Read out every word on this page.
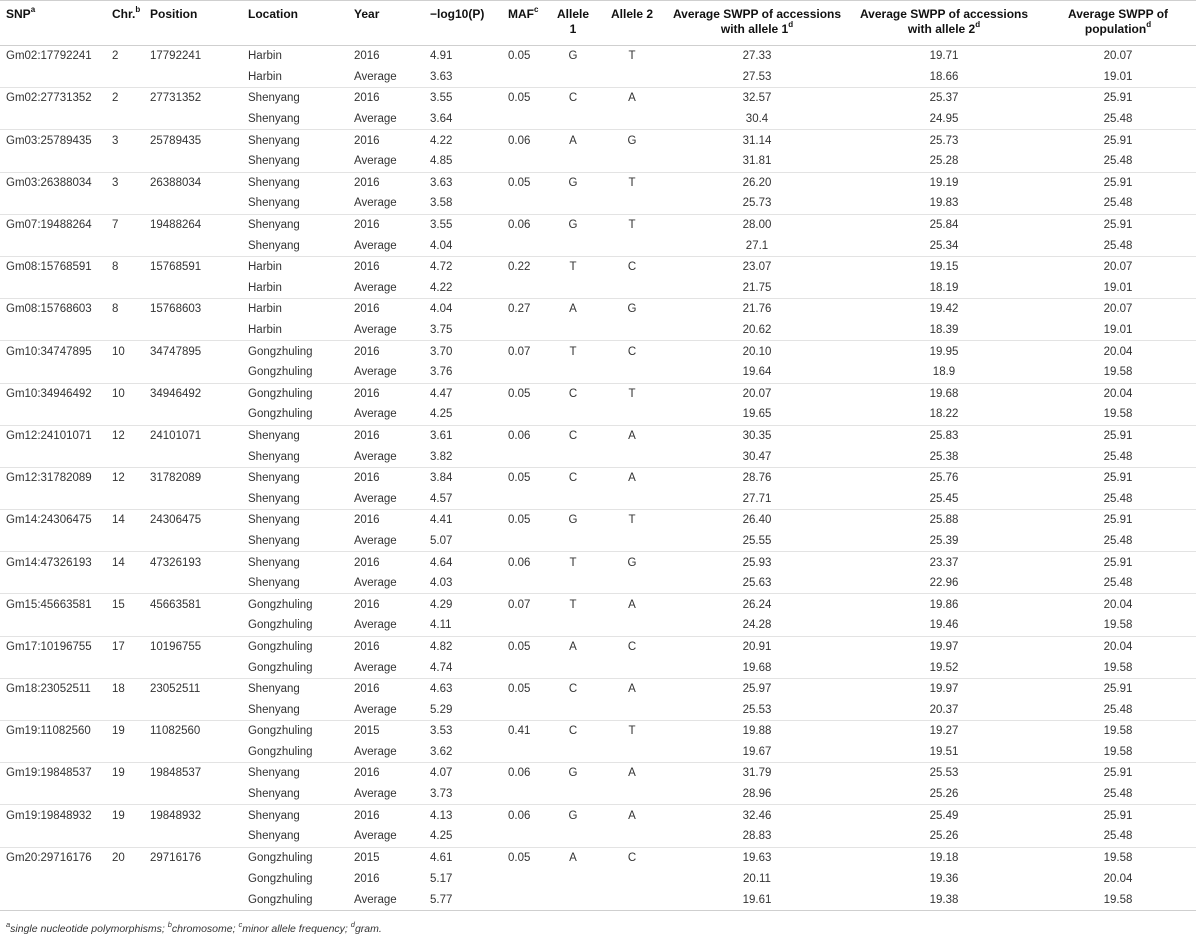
SNP$^a$	Chr.$^b$	Position	Location	Year	−log10(P)	MAF$^c$	Allele 1	Allele 2	Average SWPP of accessions with allele 1$^d$	Average SWPP of accessions with allele 2$^d$	Average SWPP of population$^d$
Gm02:17792241	2	17792241	Harbin	2016	4.91	0.05	G	T	27.33	19.71	20.07
			Harbin	Average	3.63				27.53	18.66	19.01
Gm02:27731352	2	27731352	Shenyang	2016	3.55	0.05	C	A	32.57	25.37	25.91
			Shenyang	Average	3.64				30.4	24.95	25.48
Gm03:25789435	3	25789435	Shenyang	2016	4.22	0.06	A	G	31.14	25.73	25.91
			Shenyang	Average	4.85				31.81	25.28	25.48
Gm03:26388034	3	26388034	Shenyang	2016	3.63	0.05	G	T	26.20	19.19	25.91
			Shenyang	Average	3.58				25.73	19.83	25.48
Gm07:19488264	7	19488264	Shenyang	2016	3.55	0.06	G	T	28.00	25.84	25.91
			Shenyang	Average	4.04				27.1	25.34	25.48
Gm08:15768591	8	15768591	Harbin	2016	4.72	0.22	T	C	23.07	19.15	20.07
			Harbin	Average	4.22				21.75	18.19	19.01
Gm08:15768603	8	15768603	Harbin	2016	4.04	0.27	A	G	21.76	19.42	20.07
			Harbin	Average	3.75				20.62	18.39	19.01
Gm10:34747895	10	34747895	Gongzhuling	2016	3.70	0.07	T	C	20.10	19.95	20.04
			Gongzhuling	Average	3.76				19.64	18.9	19.58
Gm10:34946492	10	34946492	Gongzhuling	2016	4.47	0.05	C	T	20.07	19.68	20.04
			Gongzhuling	Average	4.25				19.65	18.22	19.58
Gm12:24101071	12	24101071	Shenyang	2016	3.61	0.06	C	A	30.35	25.83	25.91
			Shenyang	Average	3.82				30.47	25.38	25.48
Gm12:31782089	12	31782089	Shenyang	2016	3.84	0.05	C	A	28.76	25.76	25.91
			Shenyang	Average	4.57				27.71	25.45	25.48
Gm14:24306475	14	24306475	Shenyang	2016	4.41	0.05	G	T	26.40	25.88	25.91
			Shenyang	Average	5.07				25.55	25.39	25.48
Gm14:47326193	14	47326193	Shenyang	2016	4.64	0.06	T	G	25.93	23.37	25.91
			Shenyang	Average	4.03				25.63	22.96	25.48
Gm15:45663581	15	45663581	Gongzhuling	2016	4.29	0.07	T	A	26.24	19.86	20.04
			Gongzhuling	Average	4.11				24.28	19.46	19.58
Gm17:10196755	17	10196755	Gongzhuling	2016	4.82	0.05	A	C	20.91	19.97	20.04
			Gongzhuling	Average	4.74				19.68	19.52	19.58
Gm18:23052511	18	23052511	Shenyang	2016	4.63	0.05	C	A	25.97	19.97	25.91
			Shenyang	Average	5.29				25.53	20.37	25.48
Gm19:11082560	19	11082560	Gongzhuling	2015	3.53	0.41	C	T	19.88	19.27	19.58
			Gongzhuling	Average	3.62				19.67	19.51	19.58
Gm19:19848537	19	19848537	Shenyang	2016	4.07	0.06	G	A	31.79	25.53	25.91
			Shenyang	Average	3.73				28.96	25.26	25.48
Gm19:19848932	19	19848932	Shenyang	2016	4.13	0.06	G	A	32.46	25.49	25.91
			Shenyang	Average	4.25				28.83	25.26	25.48
Gm20:29716176	20	29716176	Gongzhuling	2015	4.61	0.05	A	C	19.63	19.18	19.58
			Gongzhuling	2016	5.17				20.11	19.36	20.04
			Gongzhuling	Average	5.77				19.61	19.38	19.58
$^a$single nucleotide polymorphisms; $^b$chromosome; $^c$minor allele frequency; $^d$gram.
